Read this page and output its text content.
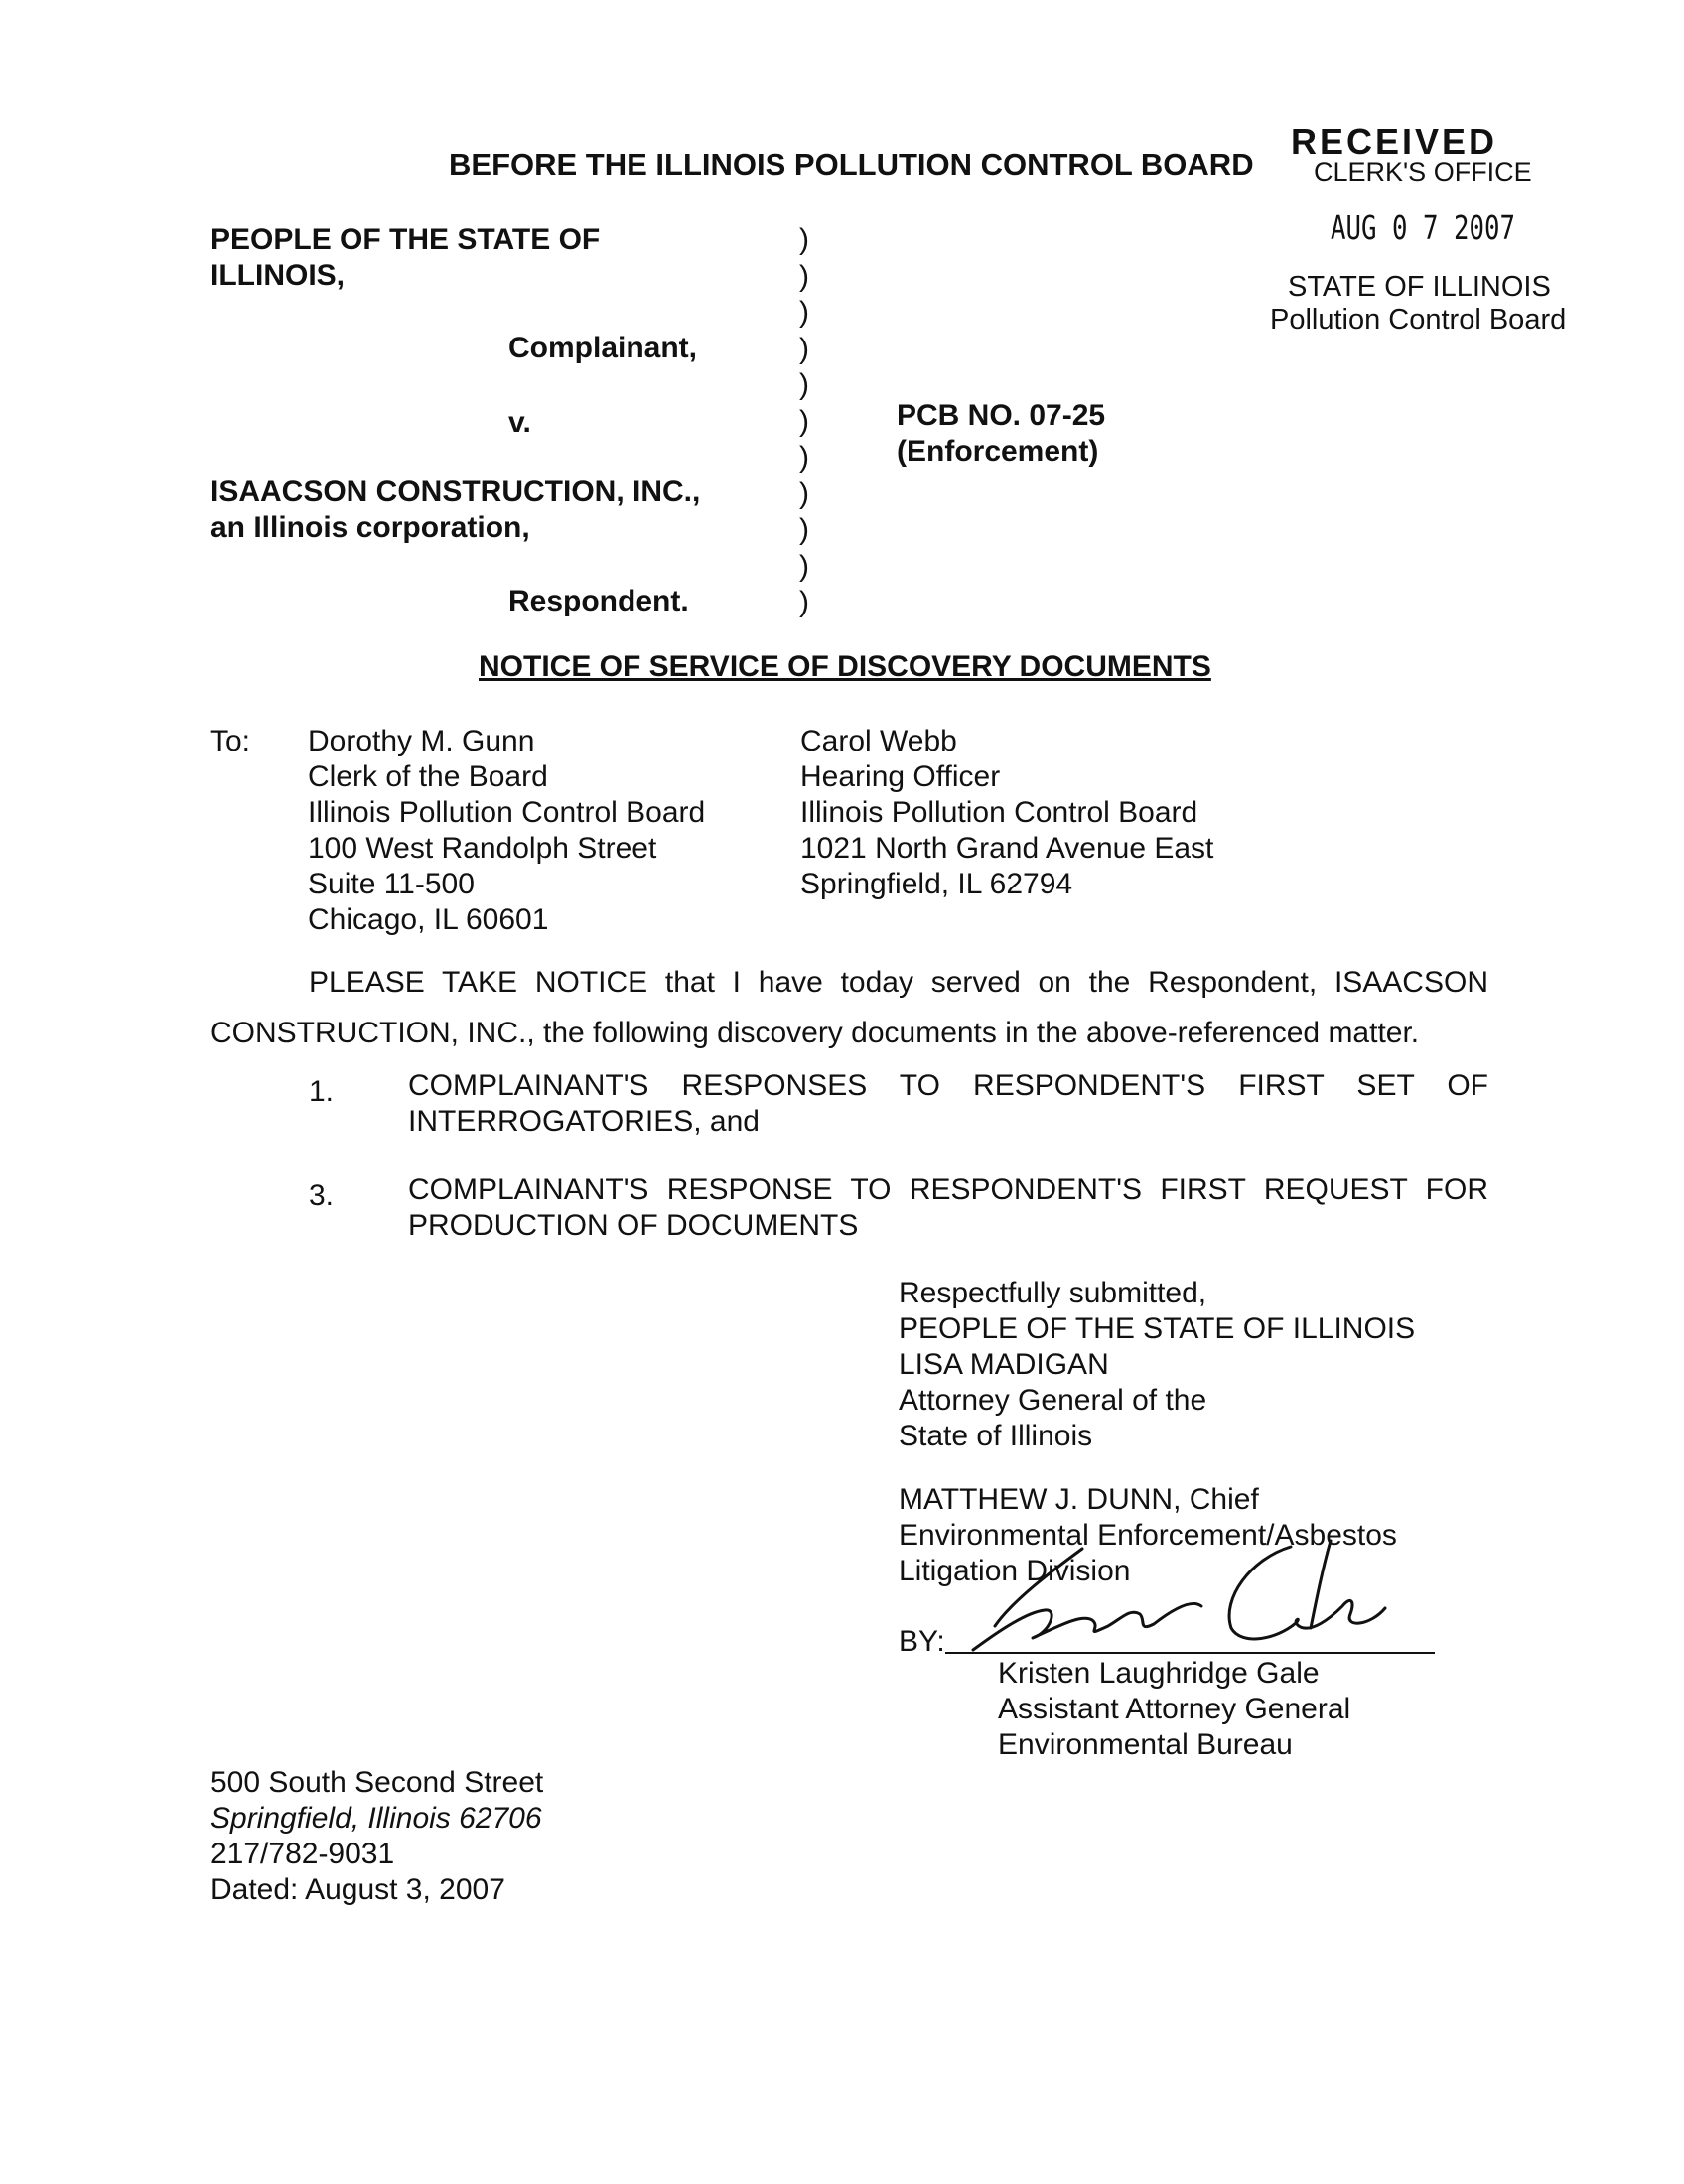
BEFORE THE ILLINOIS POLLUTION CONTROL BOARD
RECEIVED
CLERK'S OFFICE
AUG 0 7 2007
STATE OF ILLINOIS
Pollution Control Board
PEOPLE OF THE STATE OF
ILLINOIS,
Complainant,
v.
ISAACSON CONSTRUCTION, INC.,
an Illinois corporation,
Respondent.
)
)
)
)
)
)
)
)
)
)
)
PCB NO. 07-25
(Enforcement)
NOTICE OF SERVICE OF DISCOVERY DOCUMENTS
To: Dorothy M. Gunn
Clerk of the Board
Illinois Pollution Control Board
100 West Randolph Street
Suite 11-500
Chicago, IL 60601
Carol Webb
Hearing Officer
Illinois Pollution Control Board
1021 North Grand Avenue East
Springfield, IL 62794
PLEASE TAKE NOTICE that I have today served on the Respondent, ISAACSON
CONSTRUCTION, INC., the following discovery documents in the above-referenced matter.
1. COMPLAINANT'S RESPONSES TO RESPONDENT'S FIRST SET OF
INTERROGATORIES, and
3. COMPLAINANT'S RESPONSE TO RESPONDENT'S FIRST REQUEST FOR
PRODUCTION OF DOCUMENTS
Respectfully submitted,
PEOPLE OF THE STATE OF ILLINOIS
LISA MADIGAN
Attorney General of the
State of Illinois
MATTHEW J. DUNN, Chief
Environmental Enforcement/Asbestos
Litigation Division
BY:
Kristen Laughridge Gale
Assistant Attorney General
Environmental Bureau
500 South Second Street
Springfield, Illinois 62706
217/782-9031
Dated: August 3, 2007
